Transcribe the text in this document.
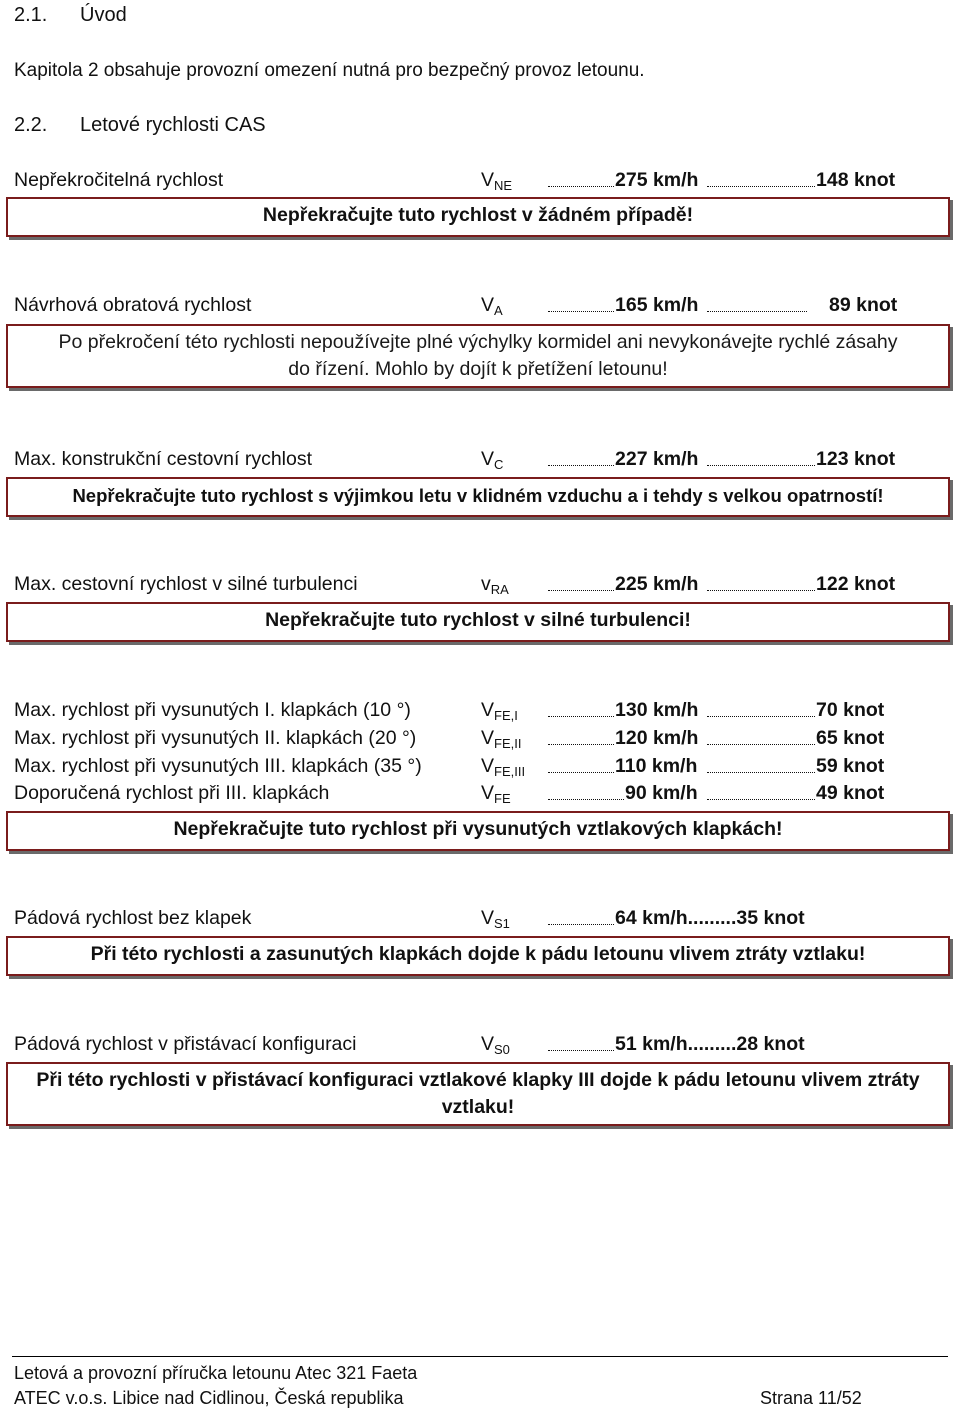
2.1. Úvod
Kapitola 2 obsahuje provozní omezení nutná pro bezpečný provoz letounu.
2.2. Letové rychlosti CAS
Nepřekročitelná rychlost	$V_{NE}$	275 km/h	148 knot
Nepřekračujte tuto rychlost v žádném případě!
Návrhová obratová rychlost	$V_A$	165 km/h	89 knot
Po překročení této rychlosti nepoužívejte plné výchylky kormidel ani nevykonávejte rychlé zásahy
do řízení. Mohlo by dojít k přetížení letounu!
Max. konstrukční cestovní rychlost	$V_C$	227 km/h	123 knot
Nepřekračujte tuto rychlost s výjimkou letu v klidném vzduchu a i tehdy s velkou opatrností!
Max. cestovní rychlost v silné turbulenci	$v_{RA}$	225 km/h	122 knot
Nepřekračujte tuto rychlost v silné turbulenci!
Max. rychlost při vysunutých I. klapkách (10 °)	$V_{FE,I}$	130 km/h	70 knot
Max. rychlost při vysunutých II. klapkách (20 °)	$V_{FE,II}$	120 km/h	65 knot
Max. rychlost při vysunutých III. klapkách (35 °)	$V_{FE,III}$	110 km/h	59 knot
Doporučená rychlost při III. klapkách	$V_{FE}$	90 km/h	49 knot
Nepřekračujte tuto rychlost při vysunutých vztlakových klapkách!
Pádová rychlost bez klapek	$V_{S1}$	64 km/h.........35 knot
Při této rychlosti a zasunutých klapkách dojde k pádu letounu vlivem ztráty vztlaku!
Pádová rychlost v přistávací konfiguraci	$V_{S0}$	51 km/h.........28 knot
Při této rychlosti v přistávací konfiguraci vztlakové klapky III dojde k pádu letounu vlivem ztráty
vztlaku!
Letová a provozní příručka letounu Atec 321 Faeta
ATEC v.o.s. Libice nad Cidlinou, Česká republika	Strana 11/52
